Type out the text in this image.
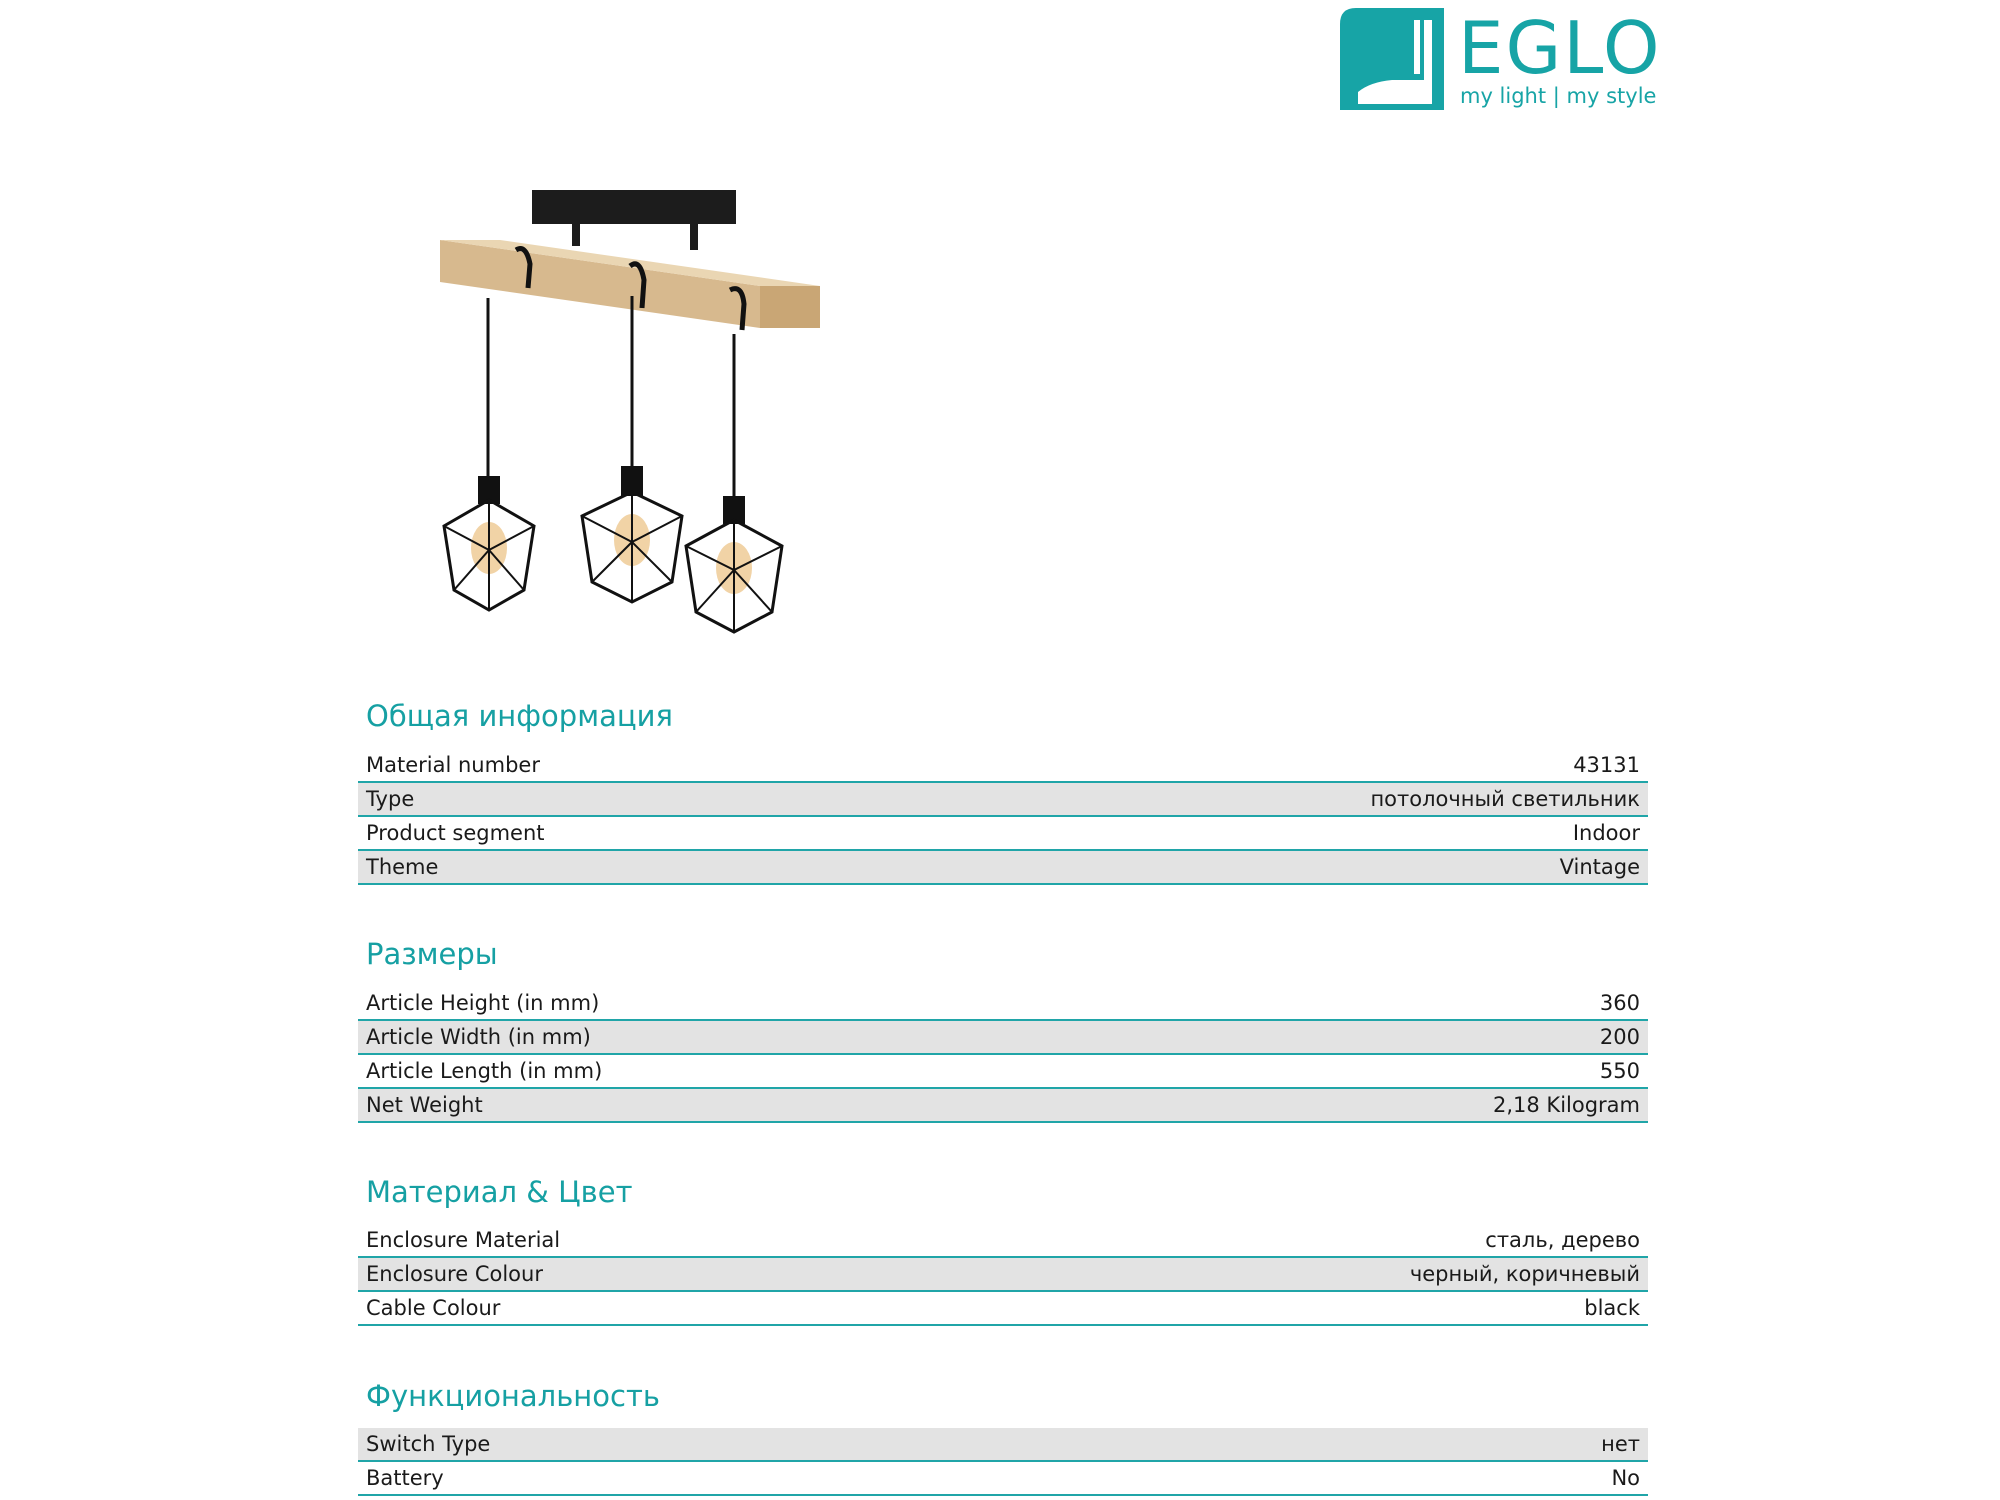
EGLO
my light | my style
Общая информация
Material number	43131
Type	потолочный светильник
Product segment	Indoor
Theme	Vintage
Размеры
Article Height (in mm)	360
Article Width (in mm)	200
Article Length (in mm)	550
Net Weight	2,18 Kilogram
Материал & Цвет
Enclosure Material	сталь, дерево
Enclosure Colour	черный, коричневый
Cable Colour	black
Функциональность
Switch Type	нет
Battery	No
